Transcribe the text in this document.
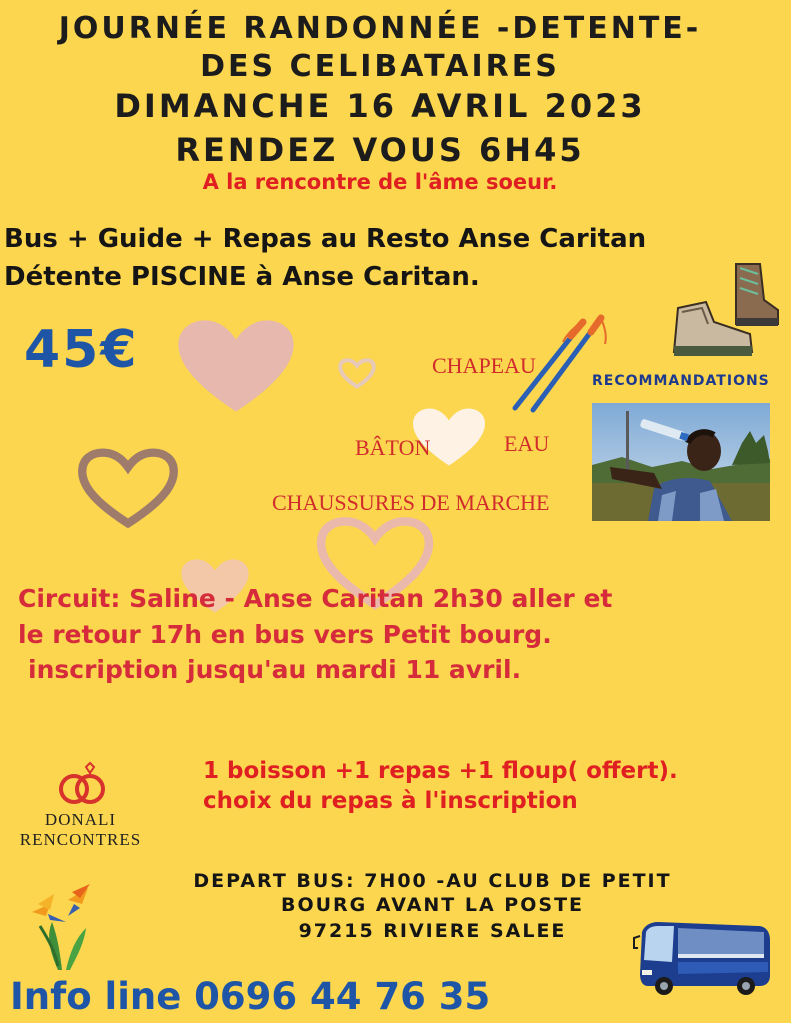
JOURNÉE RANDONNÉE -DETENTE-
DES CELIBATAIRES
DIMANCHE 16 AVRIL 2023
RENDEZ VOUS 6H45
A la rencontre de l'âme soeur.
Bus + Guide + Repas au Resto Anse Caritan
Détente PISCINE à Anse Caritan.
45€	CHAPEAU
BÂTON	EAU
CHAUSSURES DE MARCHE
RECOMMANDATIONS
Circuit: Saline - Anse Caritan 2h30 aller et
le retour 17h en bus vers Petit bourg.
inscription jusqu'au mardi 11 avril.
DONALI
RENCONTRES
1 boisson +1 repas +1 floup( offert).
choix du repas à l'inscription
DEPART BUS: 7H00 -AU CLUB DE PETIT
BOURG AVANT LA POSTE
97215 RIVIERE SALEE
Info line 0696 44 76 35
